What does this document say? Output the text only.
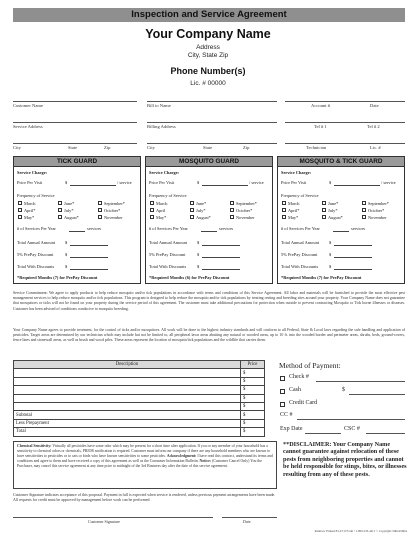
Inspection and Service Agreement
Your Company Name
Address
City, State Zip
Phone Number(s)
Lic. # 00000
Customer Name	Bill to Name	Account #	Date
Service Address	Billing Address	Tel # 1	Tel # 2
City	State	Zip	City	State	Zip	Technician	Lic. #
TICK GUARD
Service Charge:
Price Per Visit	$	/ service
Frequency of Service
March	June*	September*
April*	July*	October*
May*	August*	November
# of Services Per Year	services
Total Annual Amount $
5% PrePay Discount	$
Total With Discounts $
*Required Months (7) for PrePay Discount
MOSQUITO GUARD
Service Charge:
Price Per Visit	$	/ service
Frequency of Service
March	June*	September*
April	July*	October*
May*	August*	November
# of Services Per Year	services
Total Annual Amount $
5% PrePay Discount	$
Total With Discounts $
*Required Months (6) for PrePay Discount
MOSQUITO & TICK GUARD
Service Charge:
Price Per Visit	$	/ service
Frequency of Service
March	June*	September*
April*	July*	October*
May*	August*	November
# of Services Per Year	services
Total Annual Amount $
5% PrePay Discount	$
Total With Discounts $
*Required Months (7) for PrePay Discount
Service Commitment: We agree to apply products to help reduce mosquito and/or tick populations in accordance with terms and conditions of this Service Agreement. All labor and materials will be furnished to provide the most effective pest management services to help reduce mosquito and/or tick populations. This program is designed to help reduce the mosquito and/or tick populations by treating resting and breeding sites around your property. Your Company Name does not guarantee that mosquitoes or ticks will not be found on your property during the service period of this agreement. The customer must take additional precautions for protection when outside to prevent contracting Mosquito or Tick borne illnesses or diseases. Customer has been advised of conditions conducive to mosquito breeding.
Your Company Name agrees to provide treatment, for the control of ticks and/or mosquitoes. All work will be done to the highest industry standards and will conform to all Federal, State & Local laws regarding the safe handling and application of pesticides. Target areas are determined by our technician which may include but not be limited to, all peripheral lawn areas abutting any natural or wooded areas, up to 10 ft. into the wooded border and perimeter areas, shrubs, beds, ground-covers, fence lines and stonewall areas, as well as brush and wood piles. These areas represent the location of mosquito/tick populations and the wildlife that carries them.
Description	Price
	$
	$
	$
	$
	$
Subtotal	$
Less Prepayment	$
Total	$
Method of Payment:
Check #
Cash	$
Credit Card
CC #
Exp Date	CSC #
Chemical Sensitivity: Virtually all pesticides have some odor which may be present for a short time after application. If you or any member of your household has a sensitivity to chemical odors or chemicals, PRIOR notification is required. Customer must inform our company if there are any household members who are known to have sensitivities to pesticides or to cats or birds who have known sensitivities to some pesticides. Acknowledgment: I have read this contract, understand its terms and conditions and agree to them and have received a copy of this agreement as well as the Consumer Information Bulletin. Notice: (Customer Cancel Only) You the Purchaser, may cancel this service agreement at any time prior to midnight of the 3rd Business day after the date of this service agreement.
**DISCLAIMER: Your Company Name cannot guarantee against relocation of these pests from neighboring properties and cannot be held responsible for stings, bites, or illnesses resulting from any of these pests.
Customer Signature indicates acceptance of this proposal. Payment in full is expected when service is rendered, unless previous payment arrangements have been made. All requests for credit must be approved by management before work can be performed.
Customer Signature	Date
Rainbow Printed 8/14/7-6 Form • 1-800-233-4411 © Copyright: DRG4566A
